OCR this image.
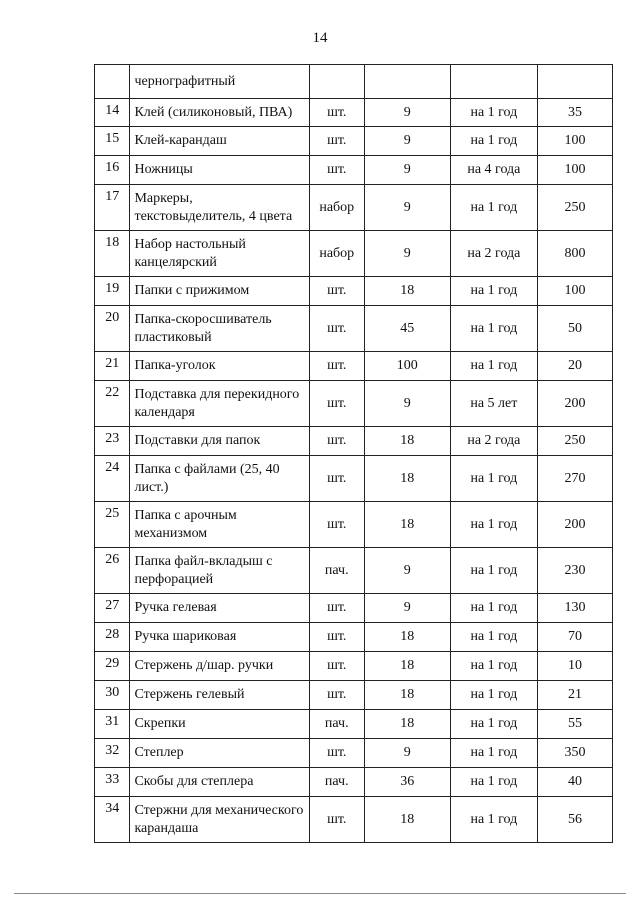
14
	чернографитный				
14	Клей (силиконовый, ПВА)	шт.	9	на 1 год	35
15	Клей-карандаш	шт.	9	на 1 год	100
16	Ножницы	шт.	9	на 4 года	100
17	Маркеры, текстовыделитель, 4 цвета	набор	9	на 1 год	250
18	Набор настольный канцелярский	набор	9	на 2 года	800
19	Папки с прижимом	шт.	18	на 1 год	100
20	Папка-скоросшиватель пластиковый	шт.	45	на 1 год	50
21	Папка-уголок	шт.	100	на 1 год	20
22	Подставка для перекидного календаря	шт.	9	на 5 лет	200
23	Подставки для папок	шт.	18	на 2 года	250
24	Папка с файлами (25, 40 лист.)	шт.	18	на 1 год	270
25	Папка с арочным механизмом	шт.	18	на 1 год	200
26	Папка файл-вкладыш с перфорацией	пач.	9	на 1 год	230
27	Ручка гелевая	шт.	9	на 1 год	130
28	Ручка шариковая	шт.	18	на 1 год	70
29	Стержень д/шар. ручки	шт.	18	на 1 год	10
30	Стержень гелевый	шт.	18	на 1 год	21
31	Скрепки	пач.	18	на 1 год	55
32	Степлер	шт.	9	на 1 год	350
33	Скобы для степлера	пач.	36	на 1 год	40
34	Стержни для механического карандаша	шт.	18	на 1 год	56
